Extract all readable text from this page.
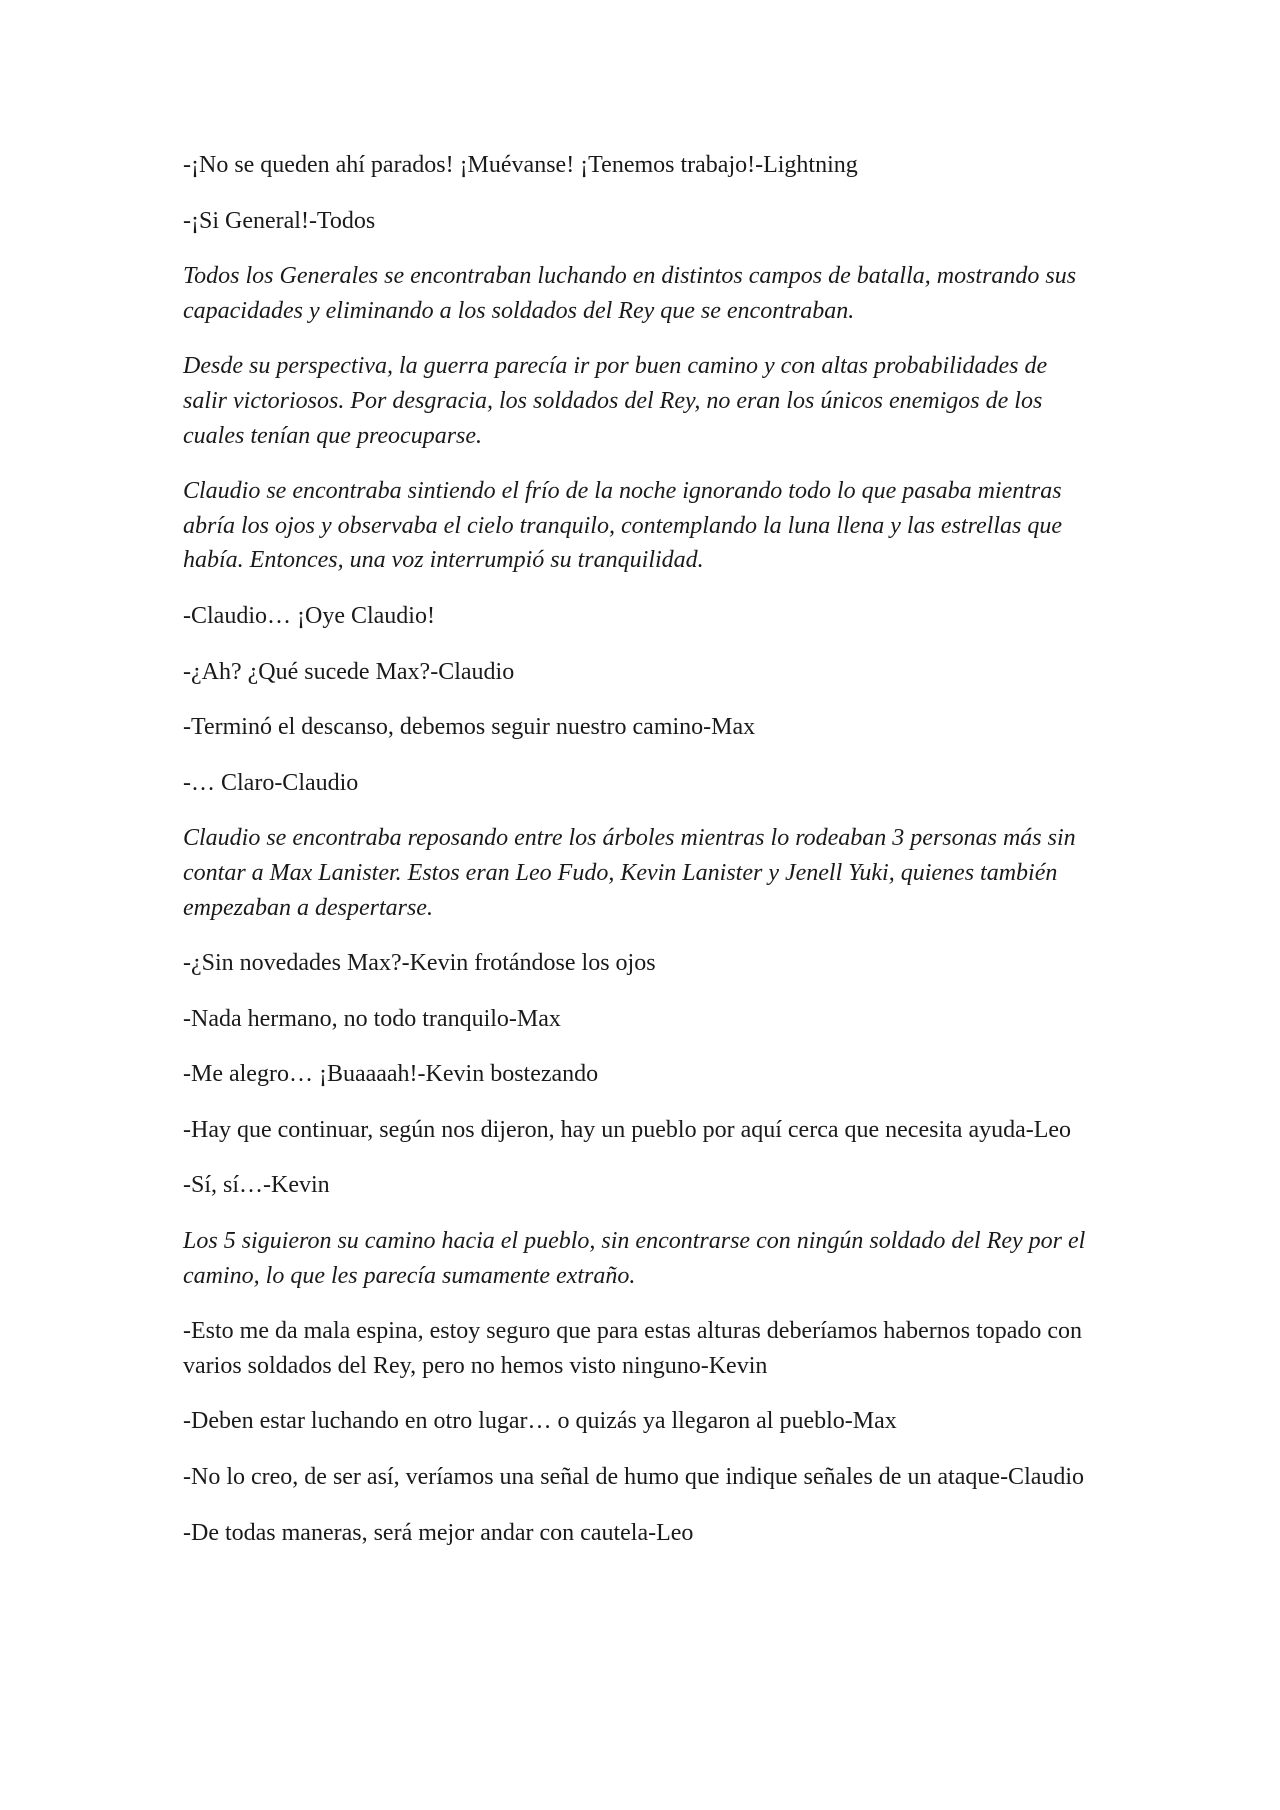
-¡No se queden ahí parados! ¡Muévanse! ¡Tenemos trabajo!-Lightning

-¡Si General!-Todos

Todos los Generales se encontraban luchando en distintos campos de batalla, mostrando sus capacidades y eliminando a los soldados del Rey que se encontraban.

Desde su perspectiva, la guerra parecía ir por buen camino y con altas probabilidades de salir victoriosos. Por desgracia, los soldados del Rey, no eran los únicos enemigos de los cuales tenían que preocuparse.

Claudio se encontraba sintiendo el frío de la noche ignorando todo lo que pasaba mientras abría los ojos y observaba el cielo tranquilo, contemplando la luna llena y las estrellas que había. Entonces, una voz interrumpió su tranquilidad.

-Claudio… ¡Oye Claudio!

-¿Ah? ¿Qué sucede Max?-Claudio

-Terminó el descanso, debemos seguir nuestro camino-Max

-… Claro-Claudio

Claudio se encontraba reposando entre los árboles mientras lo rodeaban 3 personas más sin contar a Max Lanister. Estos eran Leo Fudo, Kevin Lanister y Jenell Yuki, quienes también empezaban a despertarse.

-¿Sin novedades Max?-Kevin frotándose los ojos

-Nada hermano, no todo tranquilo-Max

-Me alegro… ¡Buaaaah!-Kevin bostezando

-Hay que continuar, según nos dijeron, hay un pueblo por aquí cerca que necesita ayuda-Leo

-Sí, sí…-Kevin

Los 5 siguieron su camino hacia el pueblo, sin encontrarse con ningún soldado del Rey por el camino, lo que les parecía sumamente extraño.

-Esto me da mala espina, estoy seguro que para estas alturas deberíamos habernos topado con varios soldados del Rey, pero no hemos visto ninguno-Kevin

-Deben estar luchando en otro lugar… o quizás ya llegaron al pueblo-Max

-No lo creo, de ser así, veríamos una señal de humo que indique señales de un ataque-Claudio

-De todas maneras, será mejor andar con cautela-Leo
